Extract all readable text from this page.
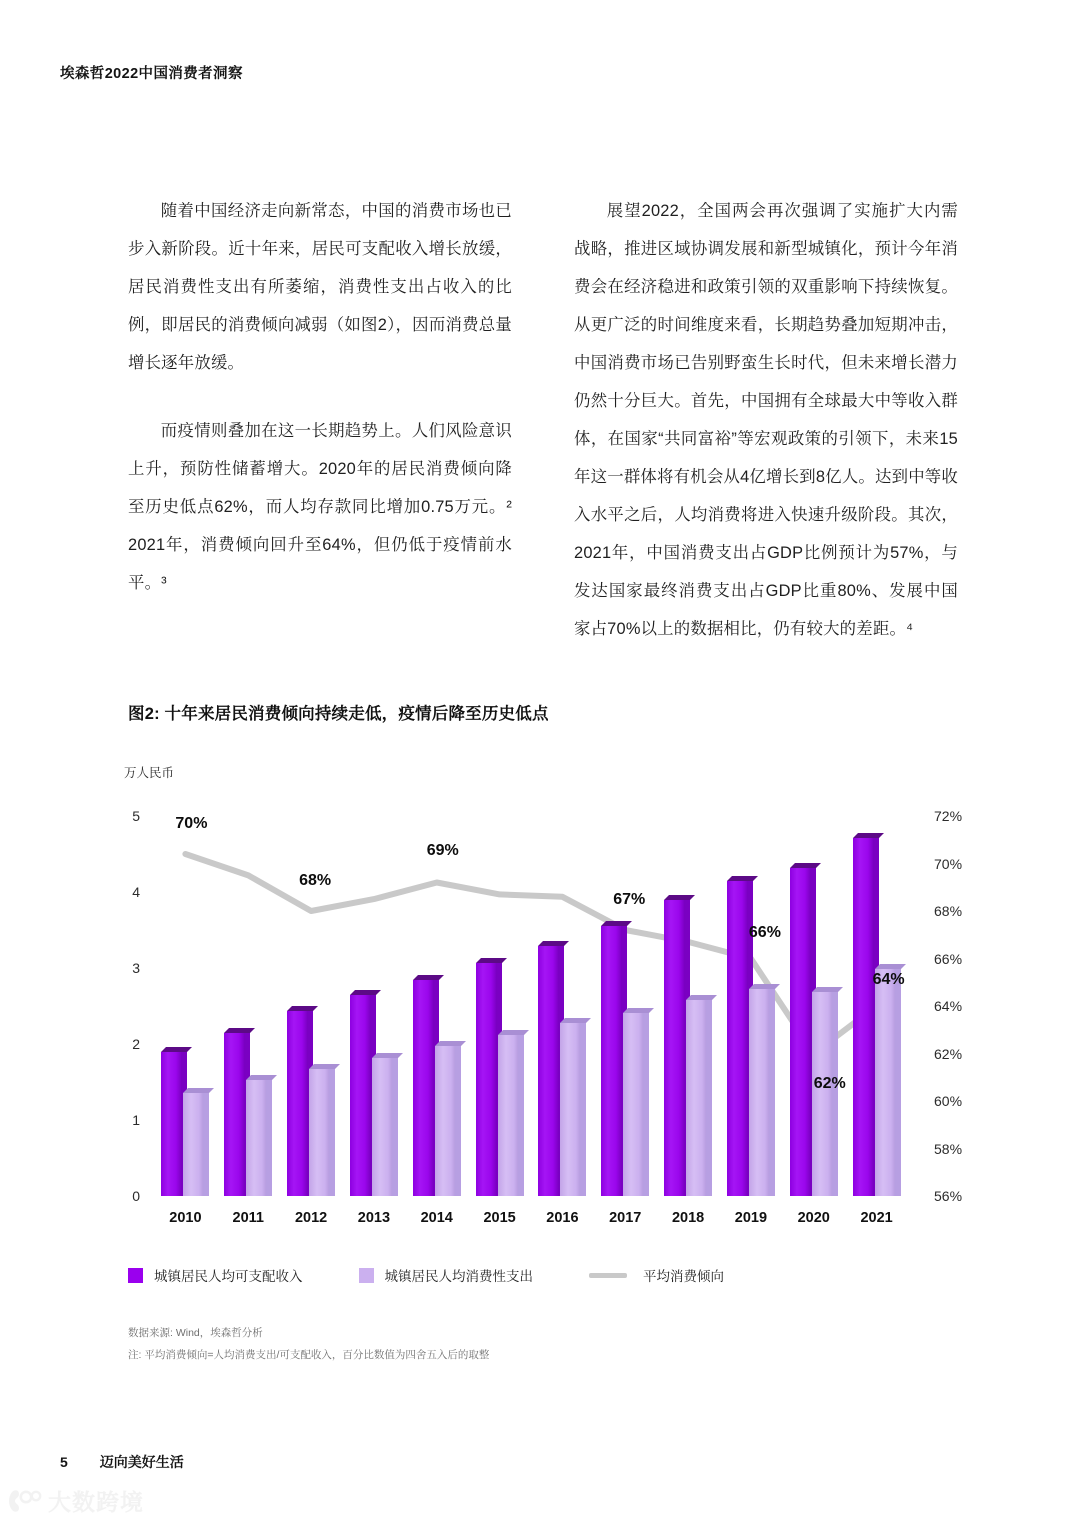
埃森哲2022中国消费者洞察

随着中国经济走向新常态，中国的消费市场也已步入新阶段。近十年来，居民可支配收入增长放缓，居民消费性支出有所萎缩，消费性支出占收入的比例，即居民的消费倾向减弱（如图2），因而消费总量增长逐年放缓。

而疫情则叠加在这一长期趋势上。人们风险意识上升，预防性储蓄增大。2020年的居民消费倾向降至历史低点62%，而人均存款同比增加0.75万元。² 2021年，消费倾向回升至64%，但仍低于疫情前水平。³

展望2022，全国两会再次强调了实施扩大内需战略，推进区域协调发展和新型城镇化，预计今年消费会在经济稳进和政策引领的双重影响下持续恢复。从更广泛的时间维度来看，长期趋势叠加短期冲击，中国消费市场已告别野蛮生长时代，但未来增长潜力仍然十分巨大。首先，中国拥有全球最大中等收入群体，在国家“共同富裕”等宏观政策的引领下，未来15年这一群体将有机会从4亿增长到8亿人。达到中等收入水平之后，人均消费将进入快速升级阶段。其次，2021年，中国消费支出占GDP比例预计为57%，与发达国家最终消费支出占GDP比重80%、发展中国家占70%以上的数据相比，仍有较大的差距。⁴

图2: 十年来居民消费倾向持续走低，疫情后降至历史低点
万人民币
0
1
2
3
4
5
56%
58%
60%
62%
64%
66%
68%
70%
72%
2010 2011 2012 2013 2014 2015 2016 2017 2018 2019 2020 2021
70%
68%
69%
67%
66%
62%
64%
城镇居民人均可支配收入	城镇居民人均消费性支出	平均消费倾向
数据来源: Wind，埃森哲分析
注: 平均消费倾向=人均消费支出/可支配收入，百分比数值为四舍五入后的取整
5 迈向美好生活
大数跨境
